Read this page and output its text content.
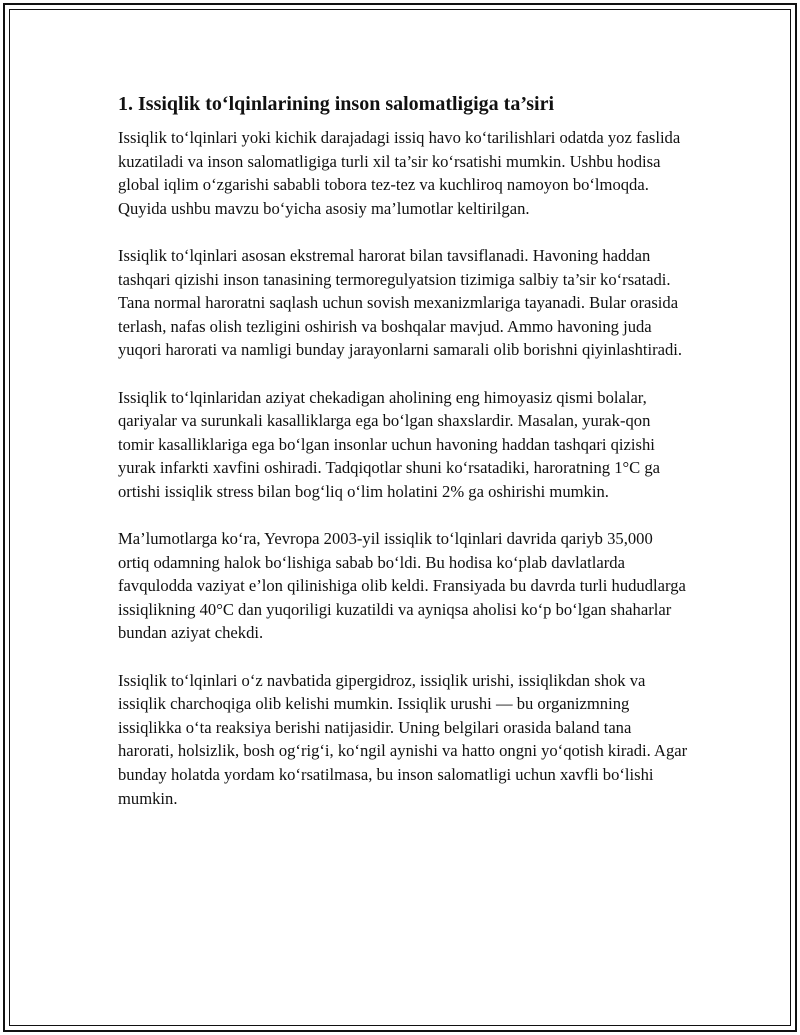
1. Issiqlik to‘lqinlarining inson salomatligiga ta’siri

Issiqlik to‘lqinlari yoki kichik darajadagi issiq havo ko‘tarilishlari odatda yoz faslida kuzatiladi va inson salomatligiga turli xil ta’sir ko‘rsatishi mumkin. Ushbu hodisa global iqlim o‘zgarishi sababli tobora tez-tez va kuchliroq namoyon bo‘lmoqda. Quyida ushbu mavzu bo‘yicha asosiy ma’lumotlar keltirilgan.

Issiqlik to‘lqinlari asosan ekstremal harorat bilan tavsiflanadi. Havoning haddan tashqari qizishi inson tanasining termoregulyatsion tizimiga salbiy ta’sir ko‘rsatadi. Tana normal haroratni saqlash uchun sovish mexanizmlariga tayanadi. Bular orasida terlash, nafas olish tezligini oshirish va boshqalar mavjud. Ammo havoning juda yuqori harorati va namligi bunday jarayonlarni samarali olib borishni qiyinlashtiradi.

Issiqlik to‘lqinlaridan aziyat chekadigan aholining eng himoyasiz qismi bolalar, qariyalar va surunkali kasalliklarga ega bo‘lgan shaxslardir. Masalan, yurak-qon tomir kasalliklariga ega bo‘lgan insonlar uchun havoning haddan tashqari qizishi yurak infarkti xavfini oshiradi. Tadqiqotlar shuni ko‘rsatadiki, haroratning 1°C ga ortishi issiqlik stress bilan bog‘liq o‘lim holatini 2% ga oshirishi mumkin.

Ma’lumotlarga ko‘ra, Yevropa 2003-yil issiqlik to‘lqinlari davrida qariyb 35,000 ortiq odamning halok bo‘lishiga sabab bo‘ldi. Bu hodisa ko‘plab davlatlarda favqulodda vaziyat e’lon qilinishiga olib keldi. Fransiyada bu davrda turli hududlarga issiqlikning 40°C dan yuqoriligi kuzatildi va ayniqsa aholisi ko‘p bo‘lgan shaharlar bundan aziyat chekdi.

Issiqlik to‘lqinlari o‘z navbatida gipergidroz, issiqlik urishi, issiqlikdan shok va issiqlik charchoqiga olib kelishi mumkin. Issiqlik urushi — bu organizmning issiqlikka o‘ta reaksiya berishi natijasidir. Uning belgilari orasida baland tana harorati, holsizlik, bosh og‘rig‘i, ko‘ngil aynishi va hatto ongni yo‘qotish kiradi. Agar bunday holatda yordam ko‘rsatilmasa, bu inson salomatligi uchun xavfli bo‘lishi mumkin.
